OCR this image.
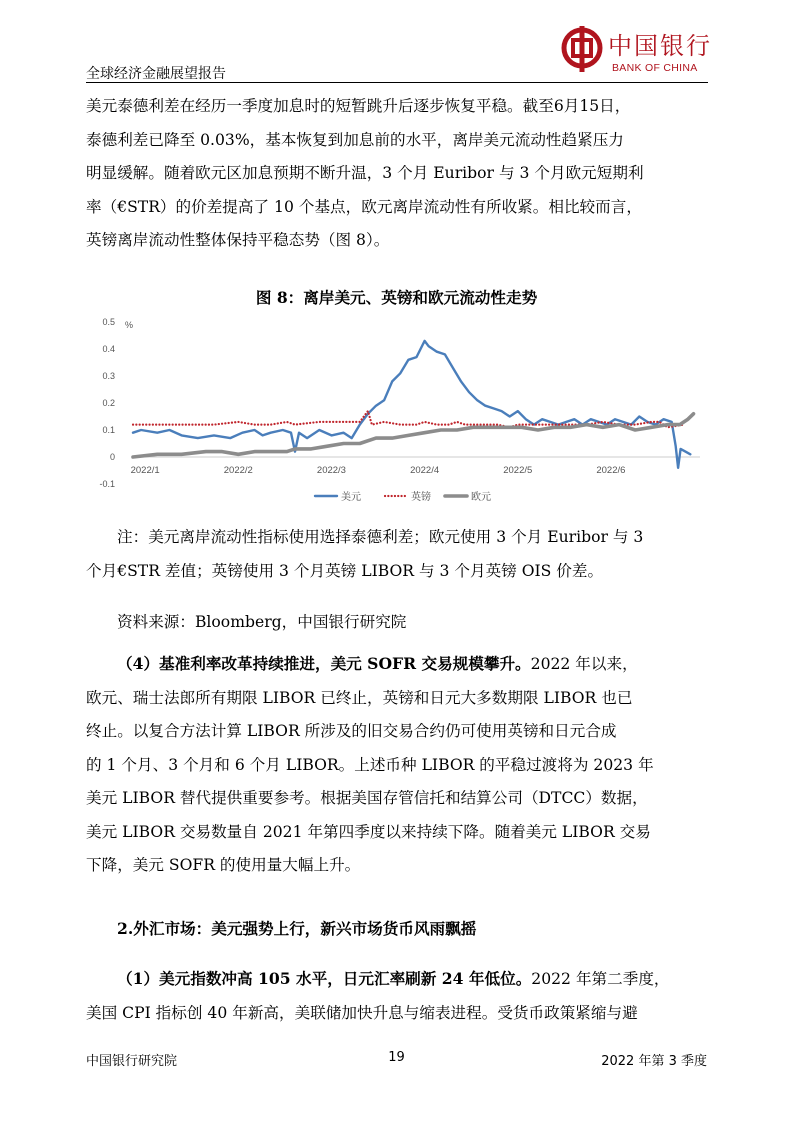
全球经济金融展望报告
中国银行
BANK OF CHINA
美元泰德利差在经历一季度加息时的短暂跳升后逐步恢复平稳。截至6月15日，
泰德利差已降至 0.03%，基本恢复到加息前的水平，离岸美元流动性趋紧压力
明显缓解。随着欧元区加息预期不断升温，3 个月 Euribor 与 3 个月欧元短期利
率（€STR）的价差提高了 10 个基点，欧元离岸流动性有所收紧。相比较而言，
英镑离岸流动性整体保持平稳态势（图 8）。
图 8：离岸美元、英镑和欧元流动性走势
-0.1
0
0.1
0.2
0.3
0.4
0.5 %
2022/1	2022/2	2022/3	2022/4	2022/5	2022/6
美元	英镑	欧元
注：美元离岸流动性指标使用选择泰德利差；欧元使用 3 个月 Euribor 与 3
个月€STR 差值；英镑使用 3 个月英镑 LIBOR 与 3 个月英镑 OIS 价差。
资料来源：Bloomberg，中国银行研究院
（4）基准利率改革持续推进，美元 SOFR 交易规模攀升。2022 年以来，
欧元、瑞士法郎所有期限 LIBOR 已终止，英镑和日元大多数期限 LIBOR 也已
终止。以复合方法计算 LIBOR 所涉及的旧交易合约仍可使用英镑和日元合成
的 1 个月、3 个月和 6 个月 LIBOR。上述币种 LIBOR 的平稳过渡将为 2023 年
美元 LIBOR 替代提供重要参考。根据美国存管信托和结算公司（DTCC）数据，
美元 LIBOR 交易数量自 2021 年第四季度以来持续下降。随着美元 LIBOR 交易
下降，美元 SOFR 的使用量大幅上升。
2.外汇市场：美元强势上行，新兴市场货币风雨飘摇
（1）美元指数冲高 105 水平，日元汇率刷新 24 年低位。2022 年第二季度，
美国 CPI 指标创 40 年新高，美联储加快升息与缩表进程。受货币政策紧缩与避
中国银行研究院	19	2022 年第 3 季度
